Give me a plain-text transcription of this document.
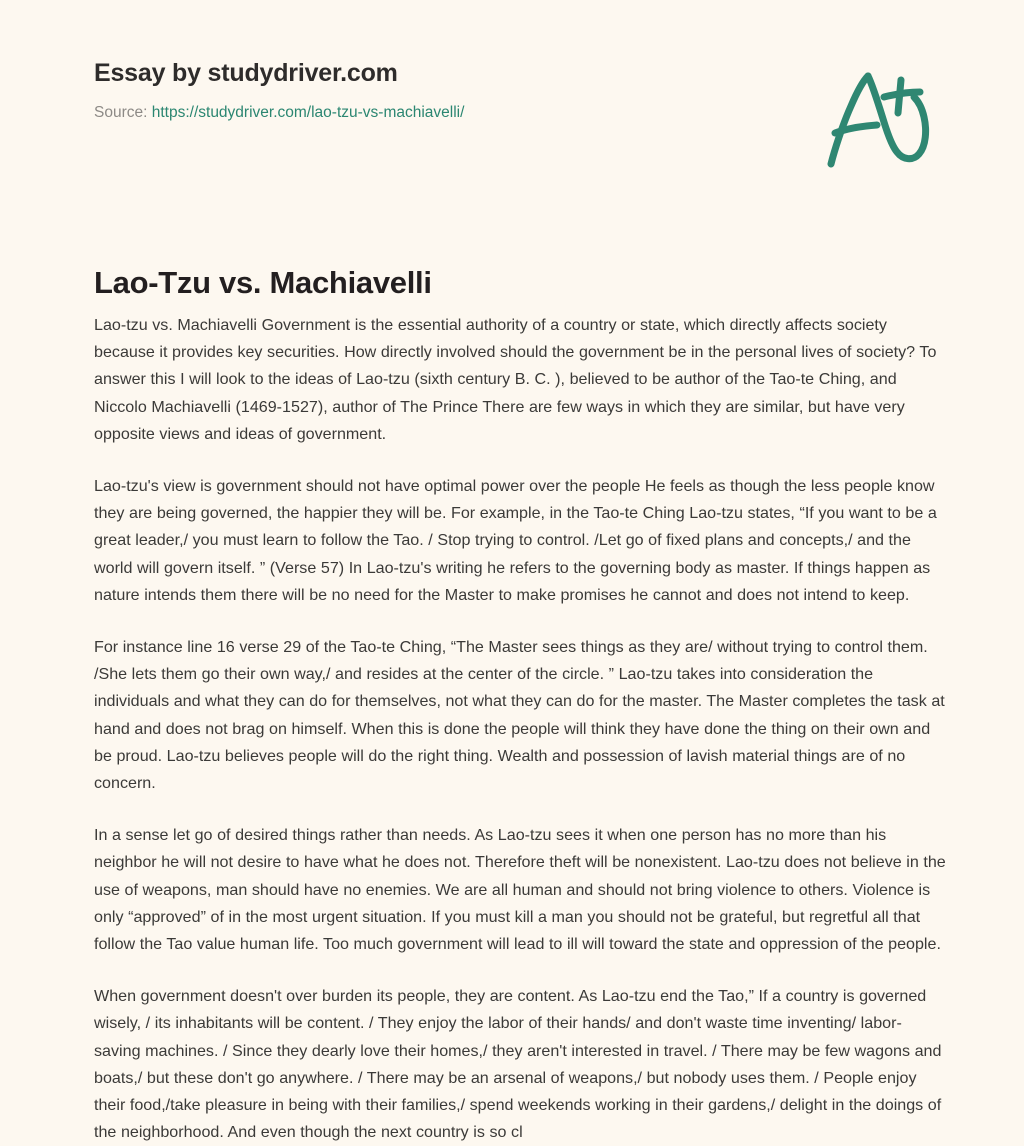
Essay by studydriver.com
Source: https://studydriver.com/lao-tzu-vs-machiavelli/
Lao-Tzu vs. Machiavelli

Lao-tzu vs. Machiavelli Government is the essential authority of a country or state, which directly affects society because it provides key securities. How directly involved should the government be in the personal lives of society? To answer this I will look to the ideas of Lao-tzu (sixth century B. C. ), believed to be author of the Tao-te Ching, and Niccolo Machiavelli (1469-1527), author of The Prince There are few ways in which they are similar, but have very opposite views and ideas of government.

Lao-tzu's view is government should not have optimal power over the people He feels as though the less people know they are being governed, the happier they will be. For example, in the Tao-te Ching Lao-tzu states, “If you want to be a great leader,/ you must learn to follow the Tao. / Stop trying to control. /Let go of fixed plans and concepts,/ and the world will govern itself. ” (Verse 57) In Lao-tzu's writing he refers to the governing body as master. If things happen as nature intends them there will be no need for the Master to make promises he cannot and does not intend to keep.

For instance line 16 verse 29 of the Tao-te Ching, “The Master sees things as they are/ without trying to control them. /She lets them go their own way,/ and resides at the center of the circle. ” Lao-tzu takes into consideration the individuals and what they can do for themselves, not what they can do for the master. The Master completes the task at hand and does not brag on himself. When this is done the people will think they have done the thing on their own and be proud. Lao-tzu believes people will do the right thing. Wealth and possession of lavish material things are of no concern.

In a sense let go of desired things rather than needs. As Lao-tzu sees it when one person has no more than his neighbor he will not desire to have what he does not. Therefore theft will be nonexistent. Lao-tzu does not believe in the use of weapons, man should have no enemies. We are all human and should not bring violence to others. Violence is only “approved” of in the most urgent situation. If you must kill a man you should not be grateful, but regretful all that follow the Tao value human life. Too much government will lead to ill will toward the state and oppression of the people.

When government doesn't over burden its people, they are content. As Lao-tzu end the Tao,” If a country is governed wisely, / its inhabitants will be content. / They enjoy the labor of their hands/ and don't waste time inventing/ labor-saving machines. / Since they dearly love their homes,/ they aren't interested in travel. / There may be few wagons and boats,/ but these don't go anywhere. / There may be an arsenal of weapons,/ but nobody uses them. / People enjoy their food,/take pleasure in being with their families,/ spend weekends working in their gardens,/ delight in the doings of the neighborhood. And even though the next country is so cl
